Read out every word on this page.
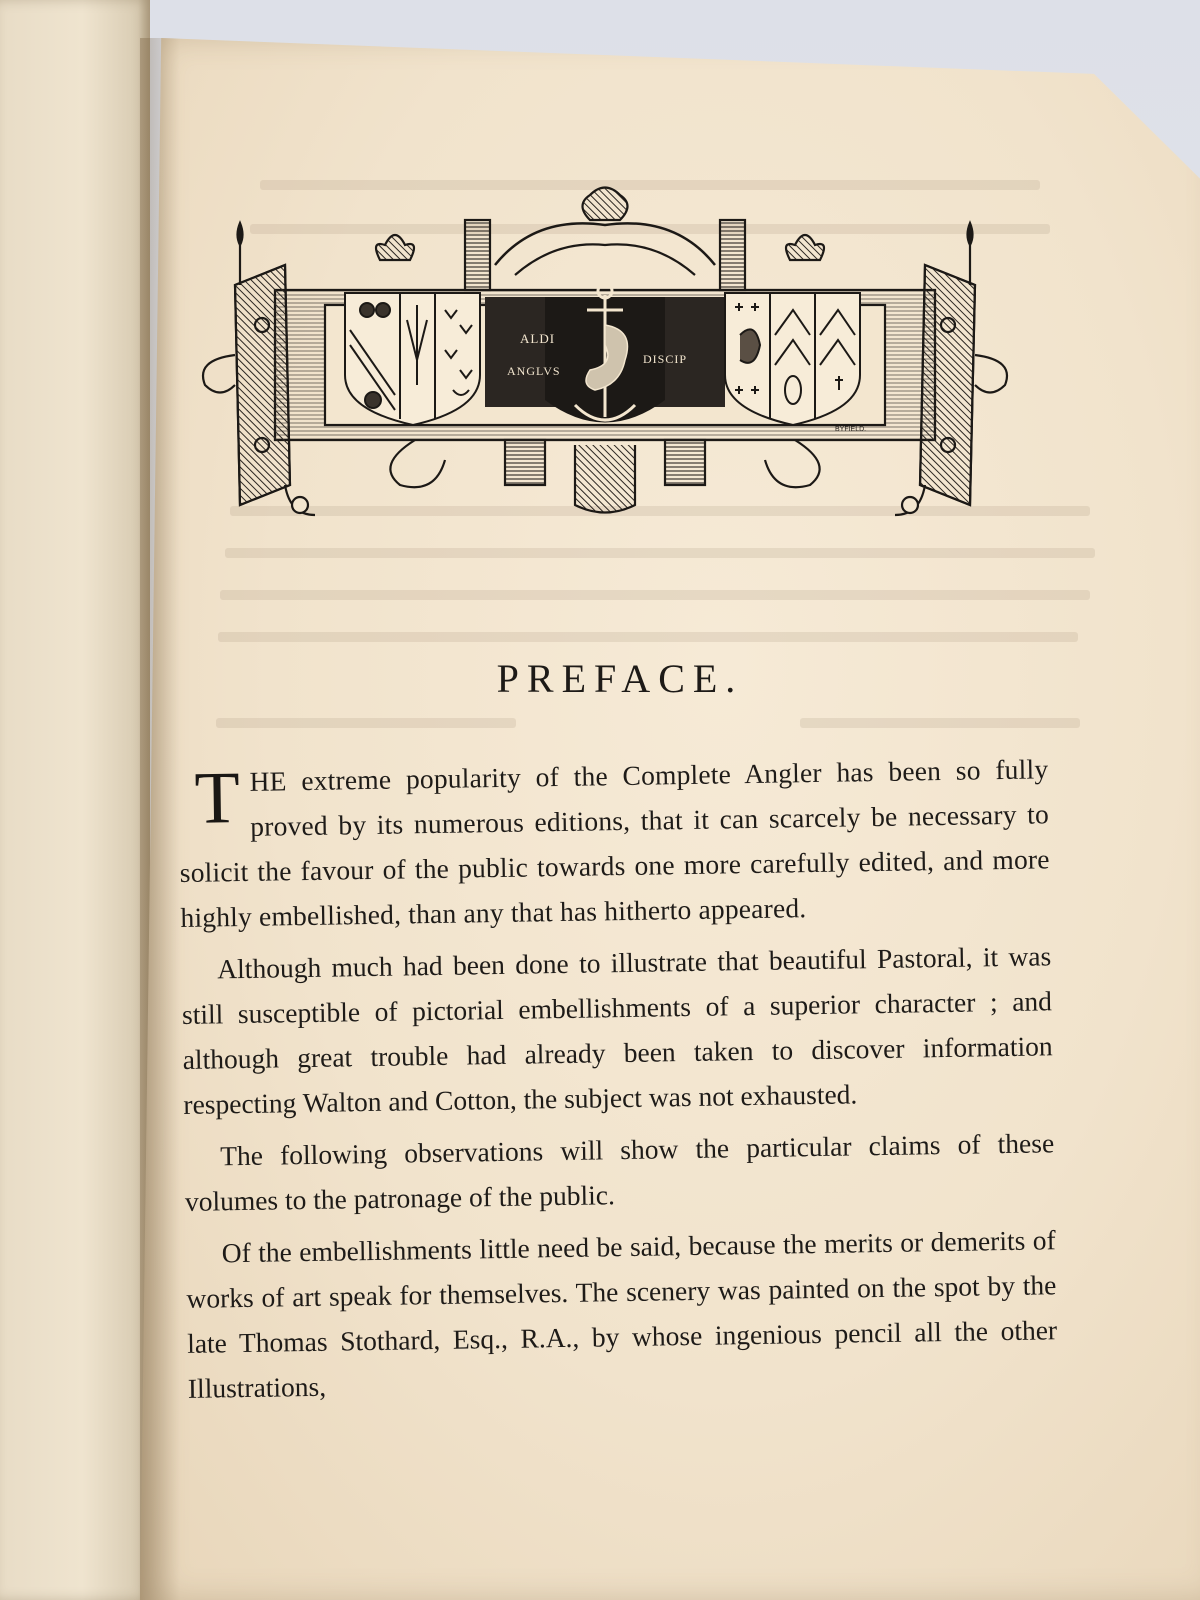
ALDI
DISCIP
ANGLVS
BYFIELD.
PREFACE.

THE extreme popularity of the Complete Angler has been so fully proved by its numerous editions, that it can scarcely be necessary to solicit the favour of the public towards one more carefully edited, and more highly embellished, than any that has hitherto appeared.

Although much had been done to illustrate that beautiful Pastoral, it was still susceptible of pictorial embellishments of a superior character ; and although great trouble had already been taken to discover information respecting Walton and Cotton, the subject was not exhausted.

The following observations will show the particular claims of these volumes to the patronage of the public.

Of the embellishments little need be said, because the merits or demerits of works of art speak for themselves. The scenery was painted on the spot by the late Thomas Stothard, Esq., R.A., by whose ingenious pencil all the other Illustrations,
